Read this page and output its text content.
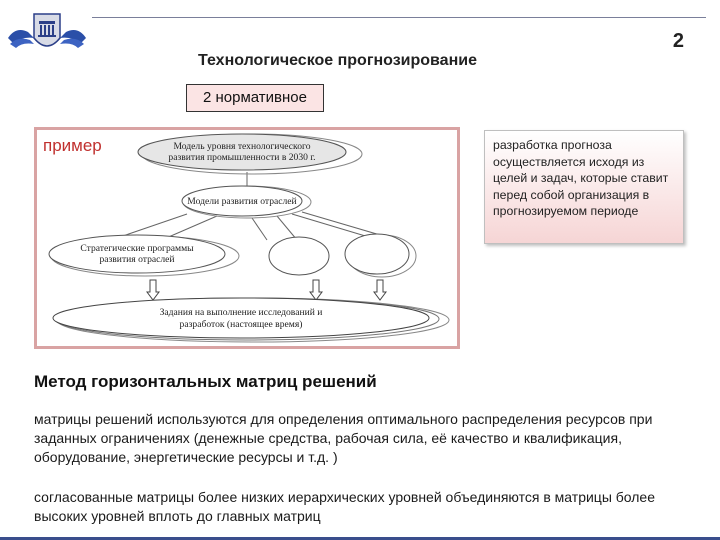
Технологическое прогнозирование
2
2 нормативное
Модель уровня технологического
развития промышленности в 2030 г.
Модели развития отраслей
Стратегические программы
развития отраслей
Задания на выполнение исследований и
разработок (настоящее время)
пример	разработка прогноза осуществляется исходя из целей и задач, которые ставит перед собой организация в прогнозируемом периоде
Метод горизонтальных матриц решений
матрицы решений используются для определения оптимального распределения ресурсов при заданных ограничениях (денежные средства, рабочая сила, её качество и квалификация, оборудование, энергетические ресурсы и т.д. )
согласованные матрицы более низких иерархических уровней объединяются в матрицы более высоких уровней вплоть до главных матриц
